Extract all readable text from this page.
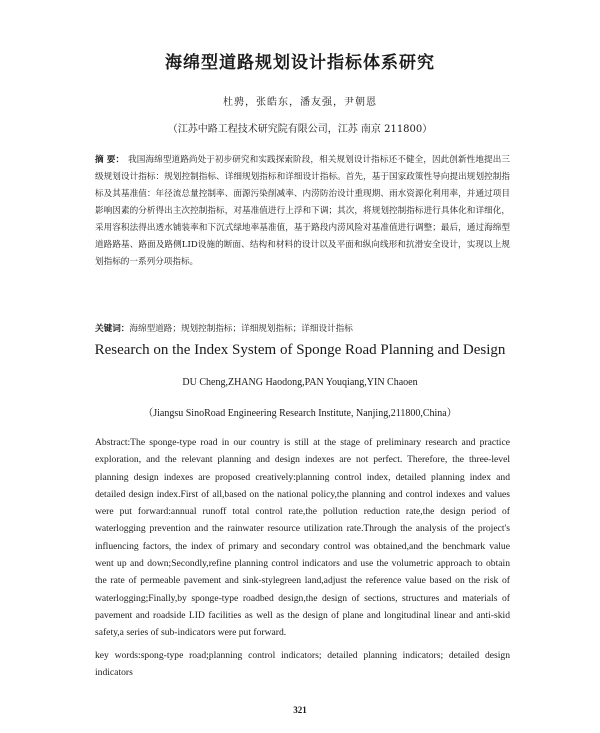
海绵型道路规划设计指标体系研究
杜骋，张皓东，潘友强，尹朝恩
（江苏中路工程技术研究院有限公司，江苏 南京 211800）
摘 要： 我国海绵型道路尚处于初步研究和实践探索阶段，相关规划设计指标还不健全，因此创新性地提出三级规划设计指标：规划控制指标、详细规划指标和详细设计指标。首先，基于国家政策性导向提出规划控制指标及其基准值：年径流总量控制率、面源污染削减率、内涝防治设计重现期、雨水资源化利用率，并通过项目影响因素的分析得出主次控制指标，对基准值进行上浮和下调；其次，将规划控制指标进行具体化和详细化，采用容积法得出透水铺装率和下沉式绿地率基准值，基于路段内涝风险对基准值进行调整；最后，通过海绵型道路路基、路面及路侧LID设施的断面、结构和材料的设计以及平面和纵向线形和抗滑安全设计，实现以上规划指标的一系列分项指标。
关键词：海绵型道路；规划控制指标；详细规划指标；详细设计指标
Research on the Index System of Sponge Road Planning and Design
DU Cheng,ZHANG Haodong,PAN Youqiang,YIN Chaoen
（Jiangsu SinoRoad Engineering Research Institute, Nanjing,211800,China）
Abstract:The sponge-type road in our country is still at the stage of preliminary research and practice exploration, and the relevant planning and design indexes are not perfect. Therefore, the three-level planning design indexes are proposed creatively:planning control index, detailed planning index and detailed design index.First of all,based on the national policy,the planning and control indexes and values were put forward:annual runoff total control rate,the pollution reduction rate,the design period of waterlogging prevention and the rainwater resource utilization rate.Through the analysis of the project's influencing factors, the index of primary and secondary control was obtained,and the benchmark value went up and down;Secondly,refine planning control indicators and use the volumetric approach to obtain the rate of permeable pavement and sink-stylegreen land,adjust the reference value based on the risk of waterlogging;Finally,by sponge-type roadbed design,the design of sections, structures and materials of pavement and roadside LID facilities as well as the design of plane and longitudinal linear and anti-skid safety,a series of sub-indicators were put forward.
key words:spong-type road;planning control indicators; detailed planning indicators; detailed design indicators
321
